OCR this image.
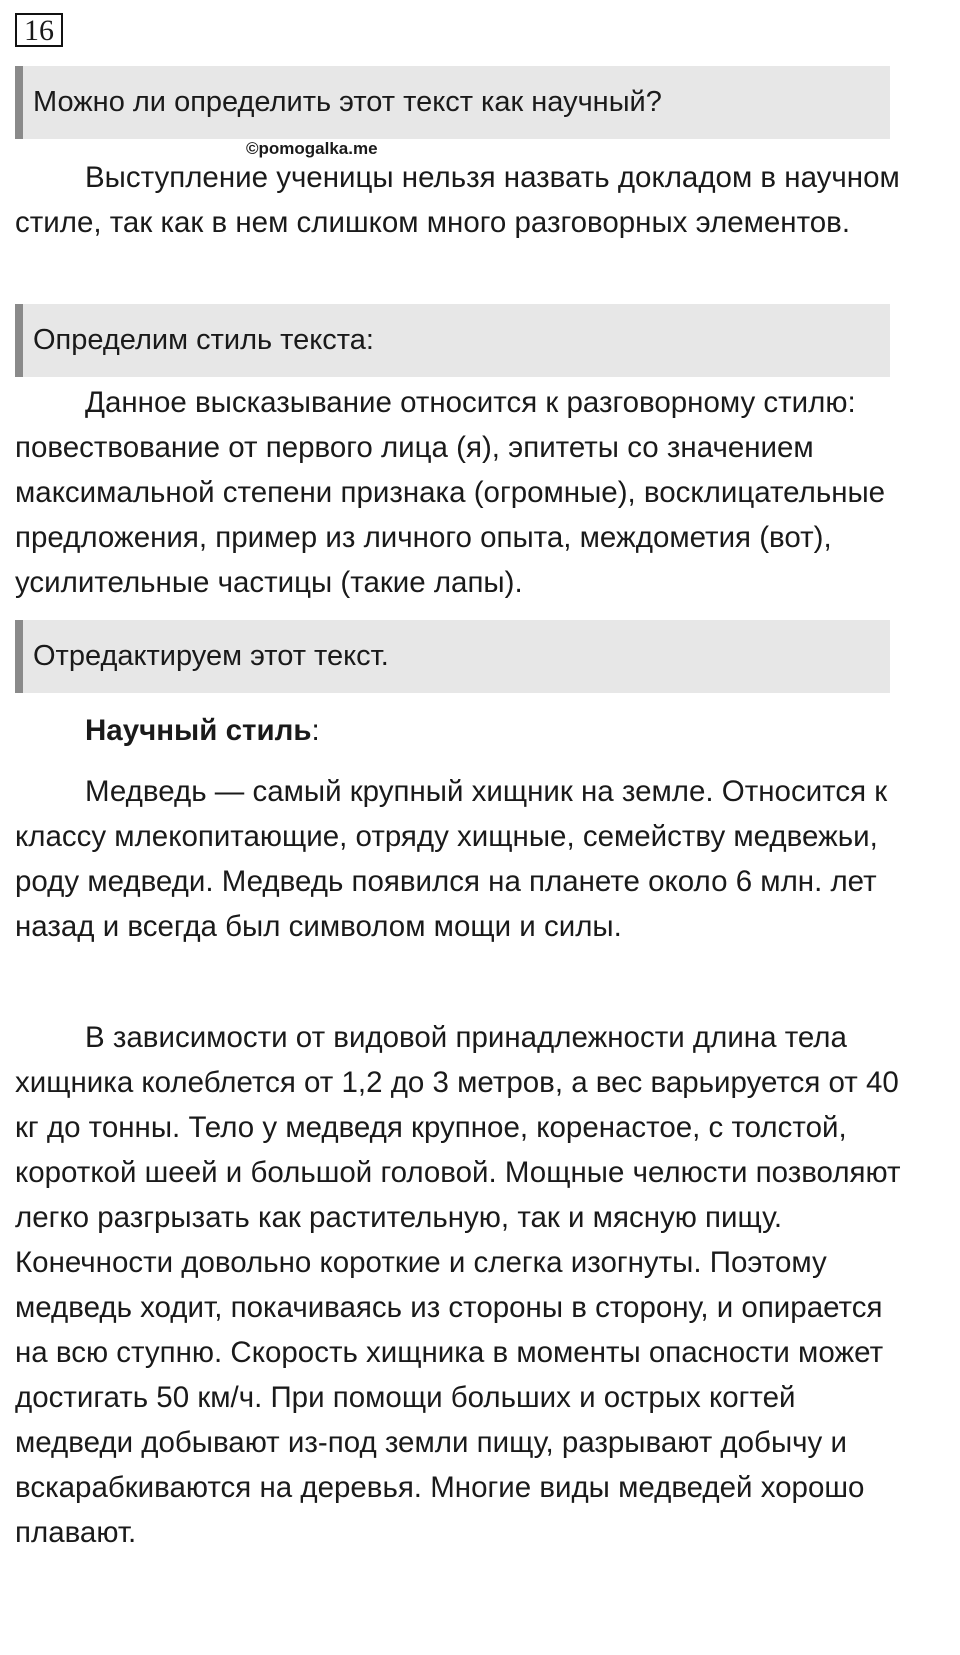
16
Можно ли определить этот текст как научный?
©pomogalka.me

Выступление ученицы нельзя назвать докладом в научном стиле, так как в нем слишком много разговорных элементов.

Определим стиль текста:

Данное высказывание относится к разговорному стилю: повествование от первого лица (я), эпитеты со значением максимальной степени признака (огромные), восклицательные предложения, пример из личного опыта, междометия (вот), усилительные частицы (такие лапы).

Отредактируем этот текст.
Научный стиль:

Медведь — самый крупный хищник на земле. Относится к классу млекопитающие, отряду хищные, семейству медвежьи, роду медведи. Медведь появился на планете около 6 млн. лет назад и всегда был символом мощи и силы.

В зависимости от видовой принадлежности длина тела хищника колеблется от 1,2 до 3 метров, а вес варьируется от 40 кг до тонны. Тело у медведя крупное, коренастое, с толстой, короткой шеей и большой головой. Мощные челюсти позволяют легко разгрызать как растительную, так и мясную пищу. Конечности довольно короткие и слегка изогнуты. Поэтому медведь ходит, покачиваясь из стороны в сторону, и опирается на всю ступню. Скорость хищника в моменты опасности может достигать 50 км/ч. При помощи больших и острых когтей медведи добывают из-под земли пищу, разрывают добычу и вскарабкиваются на деревья. Многие виды медведей хорошо плавают.
